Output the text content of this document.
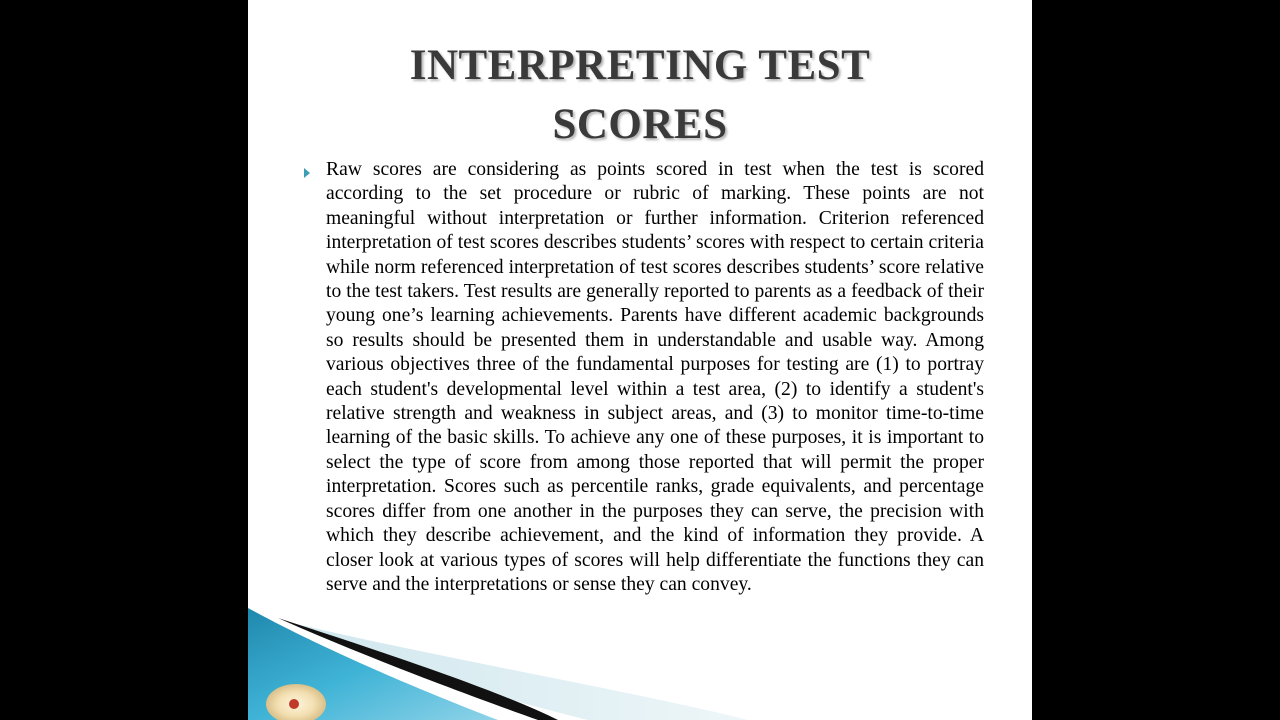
INTERPRETING TEST
SCORES

Raw scores are considering as points scored in test when the test is scored according to the set procedure or rubric of marking. These points are not meaningful without interpretation or further information. Criterion referenced interpretation of test scores describes students’ scores with respect to certain criteria while norm referenced interpretation of test scores describes students’ score relative to the test takers. Test results are generally reported to parents as a feedback of their young one’s learning achievements. Parents have different academic backgrounds so results should be presented them in understandable and usable way. Among various objectives three of the fundamental purposes for testing are (1) to portray each student's developmental level within a test area, (2) to identify a student's relative strength and weakness in subject areas, and (3) to monitor time-to-time learning of the basic skills. To achieve any one of these purposes, it is important to select the type of score from among those reported that will permit the proper interpretation. Scores such as percentile ranks, grade equivalents, and percentage scores differ from one another in the purposes they can serve, the precision with which they describe achievement, and the kind of information they provide. A closer look at various types of scores will help differentiate the functions they can serve and the interpretations or sense they can convey.
